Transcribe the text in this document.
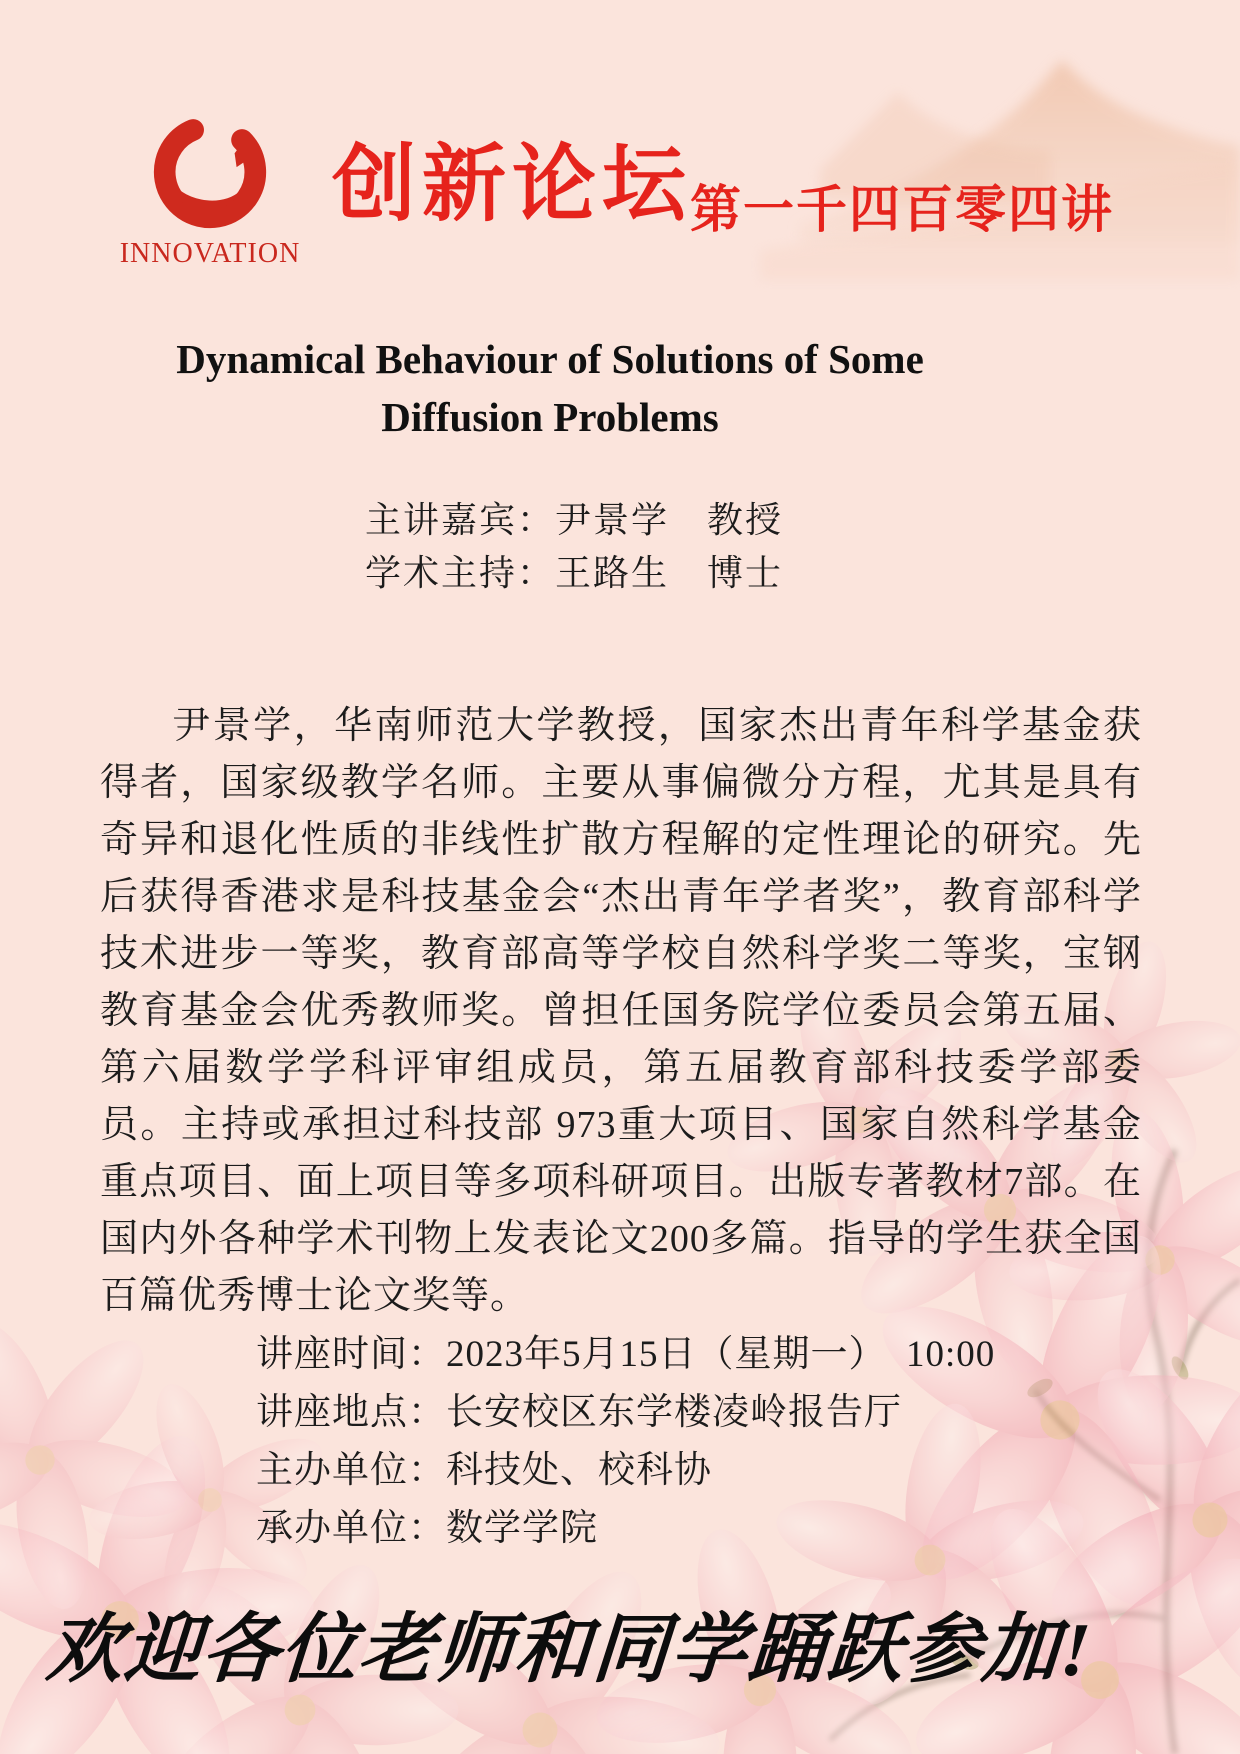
INNOVATION
创新论坛
第一千四百零四讲
Dynamical Behaviour of Solutions of Some
Diffusion Problems
主讲嘉宾：尹景学　教授
学术主持：王路生　博士
尹景学，华南师范大学教授，国家杰出青年科学基金获得者，国家级教学名师。主要从事偏微分方程，尤其是具有奇异和退化性质的非线性扩散方程解的定性理论的研究。先后获得香港求是科技基金会“杰出青年学者奖”，教育部科学技术进步一等奖，教育部高等学校自然科学奖二等奖，宝钢教育基金会优秀教师奖。曾担任国务院学位委员会第五届、第六届数学学科评审组成员，第五届教育部科技委学部委员。主持或承担过科技部 973重大项目、国家自然科学基金重点项目、面上项目等多项科研项目。出版专著教材7部。在国内外各种学术刊物上发表论文200多篇。指导的学生获全国百篇优秀博士论文奖等。
讲座时间：2023年5月15日（星期一）　10:00
讲座地点：长安校区东学楼凌岭报告厅
主办单位：科技处、校科协
承办单位：数学学院
欢迎各位老师和同学踊跃参加!
